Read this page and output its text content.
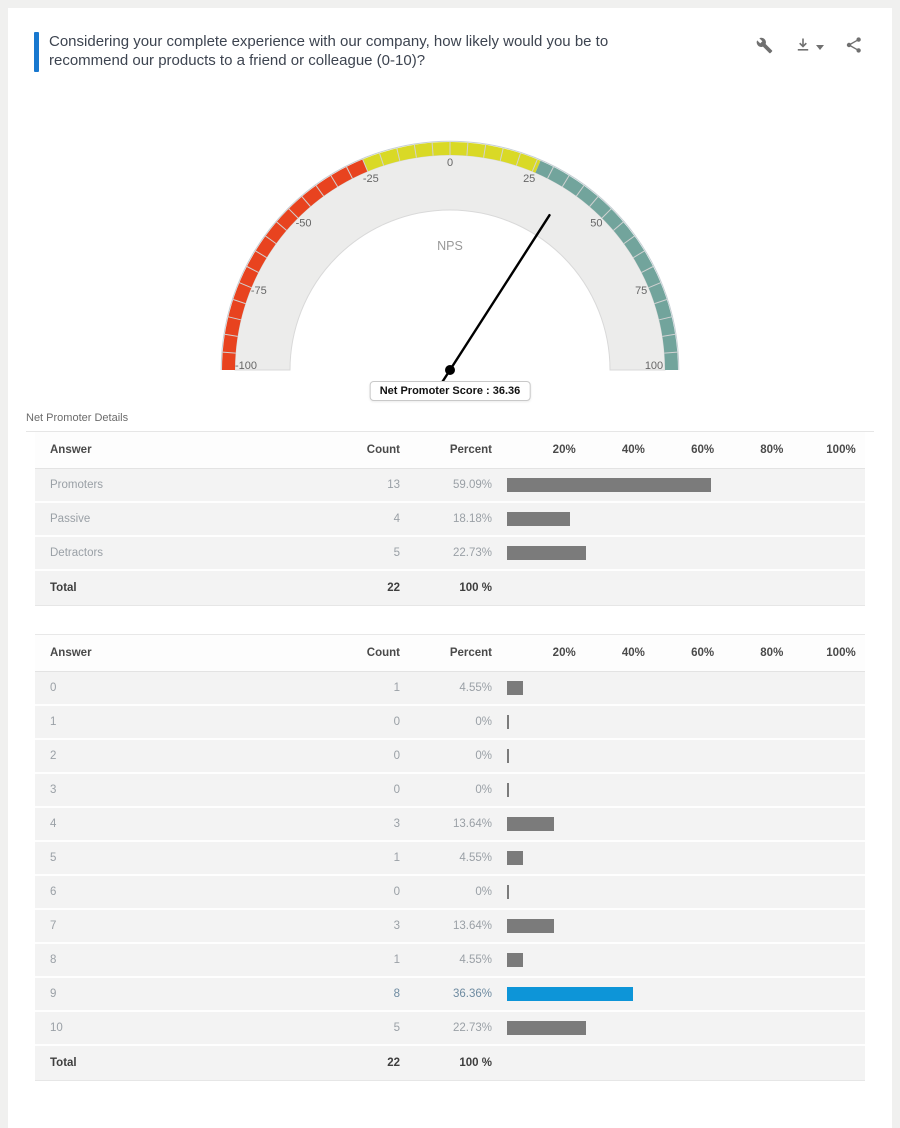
Considering your complete experience with our company, how likely would you be to recommend our products to a friend or colleague (0-10)?
-100
-75
-50
-25
0
25
50
75
100
NPS
Net Promoter Score : 36.36
Net Promoter Details
Answer	Count	Percent	20%	40%	60%	80%	100%
Promoters	13	59.09%
Passive	4	18.18%
Detractors	5	22.73%
Total	22	100 %
Answer	Count	Percent	20%	40%	60%	80%	100%
0	1	4.55%
1	0	0%
2	0	0%
3	0	0%
4	3	13.64%
5	1	4.55%
6	0	0%
7	3	13.64%
8	1	4.55%
9	8	36.36%
10	5	22.73%
Total	22	100 %
